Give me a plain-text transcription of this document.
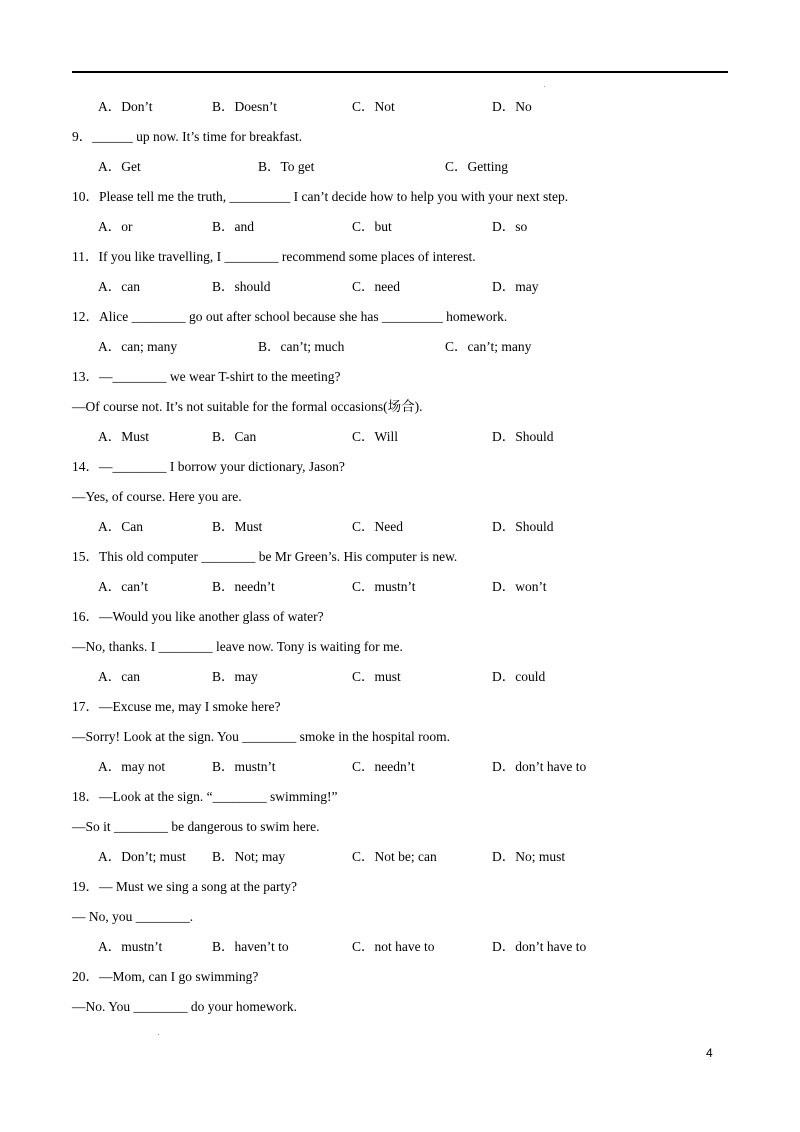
A．Don’t	B．Doesn’t	C．Not	D．No
9．______ up now. It’s time for breakfast.
A．Get	B．To get	C．Getting
10．Please tell me the truth, _________ I can’t decide how to help you with your next step.
A．or	B．and	C．but	D．so
11．If you like travelling, I ________ recommend some places of interest.
A．can	B．should	C．need	D．may
12．Alice ________ go out after school because she has _________ homework.
A．can; many	B．can’t; much	C．can’t; many
13．—________ we wear T-shirt to the meeting?
—Of course not. It’s not suitable for the formal occasions(场合).
A．Must	B．Can	C．Will	D．Should
14．—________ I borrow your dictionary, Jason?
—Yes, of course. Here you are.
A．Can	B．Must	C．Need	D．Should
15．This old computer ________ be Mr Green’s. His computer is new.
A．can’t	B．needn’t	C．mustn’t	D．won’t
16．—Would you like another glass of water?
—No, thanks. I ________ leave now. Tony is waiting for me.
A．can	B．may	C．must	D．could
17．—Excuse me, may I smoke here?
—Sorry! Look at the sign. You ________ smoke in the hospital room.
A．may not	B．mustn’t	C．needn’t	D．don’t have to
18．—Look at the sign. “________ swimming!”
—So it ________ be dangerous to swim here.
A．Don’t; must B．Not; may	C．Not be; can	D．No; must
19．— Must we sing a song at the party?
— No, you ________.
A．mustn’t	B．haven’t to	C．not have to	D．don’t have to
20．—Mom, can I go swimming?
—No. You ________ do your homework.
4
